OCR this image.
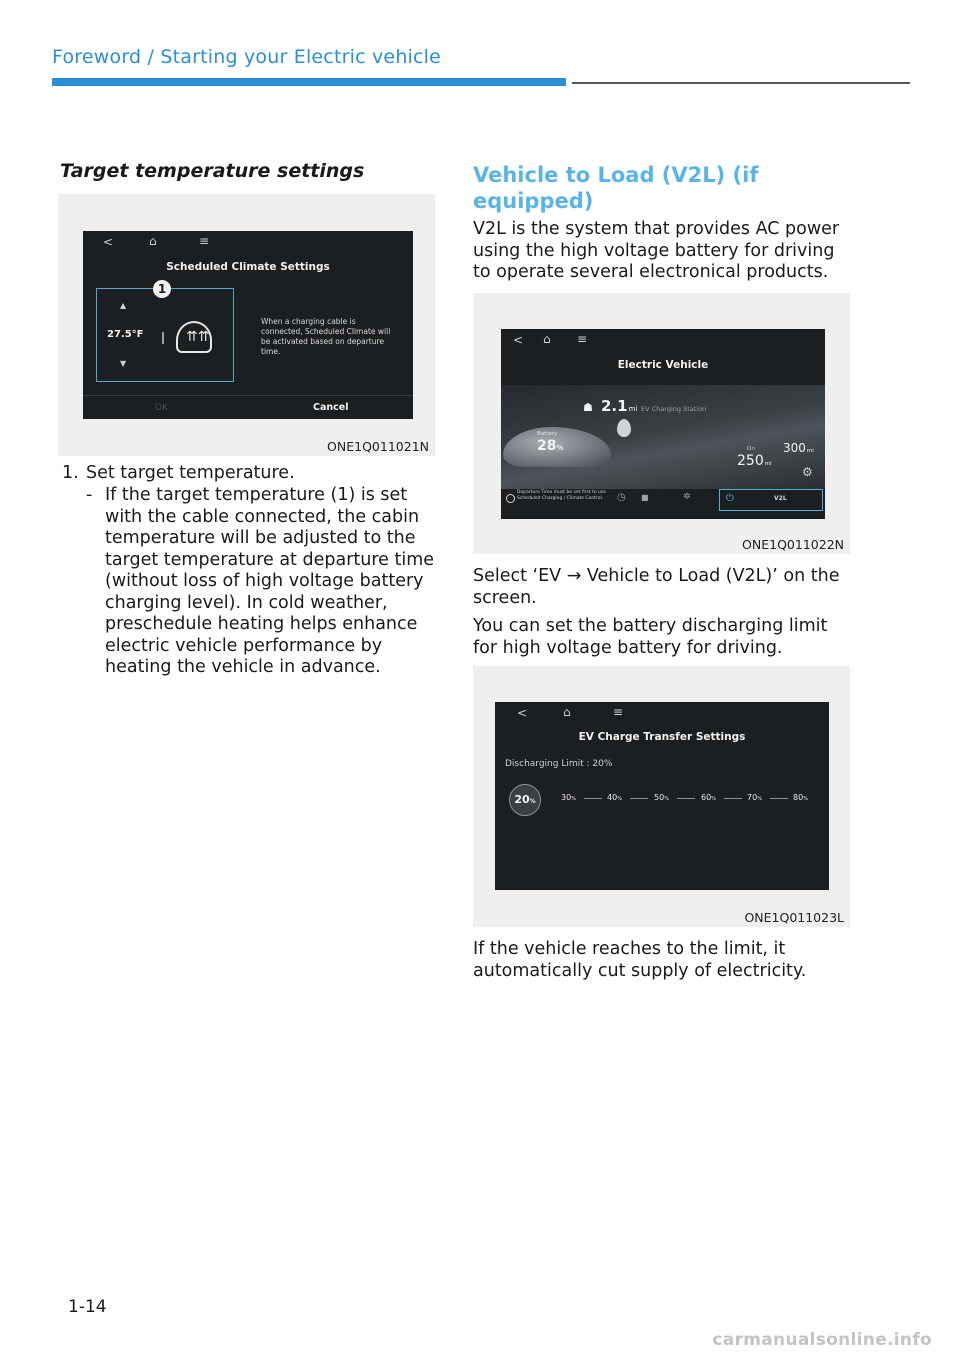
Foreword / Starting your Electric vehicle
Target temperature settings
<	⌂	≡
Scheduled Climate Settings
1
▲
27.5°F
▼
⇈⇈
When a charging cable is connected, Scheduled Climate will be activated based on departure time.
OK	Cancel
ONE1Q011021N
1. Set target temperature.
- If the target temperature (1) is set with the cable connected, the cabin temperature will be adjusted to the target temperature at departure time (without loss of high voltage battery charging level). In cold weather, preschedule heating helps enhance electric vehicle performance by heating the vehicle in advance.
Vehicle to Load (V2L) (if equipped)
V2L is the system that provides AC power using the high voltage battery for driving to operate several electronical products.
< ⌂ ≡
Electric Vehicle
☗ 2.1mi EV Charging Station
Battery
28%	300mi
On
250mi
⚙
Departure Time must be set first to use Scheduled Charging / Climate Control.	◷ ■	✲	⏻	V2L
ONE1Q011022N
Select ‘EV → Vehicle to Load (V2L)’ on the screen.
You can set the battery discharging limit for high voltage battery for driving.
<	⌂	≡
EV Charge Transfer Settings
Discharging Limit : 20%
20%	30%	40%	50%	60%	70%	80%
ONE1Q011023L
If the vehicle reaches to the limit, it automatically cut supply of electricity.
1-14
carmanualsonline.info
